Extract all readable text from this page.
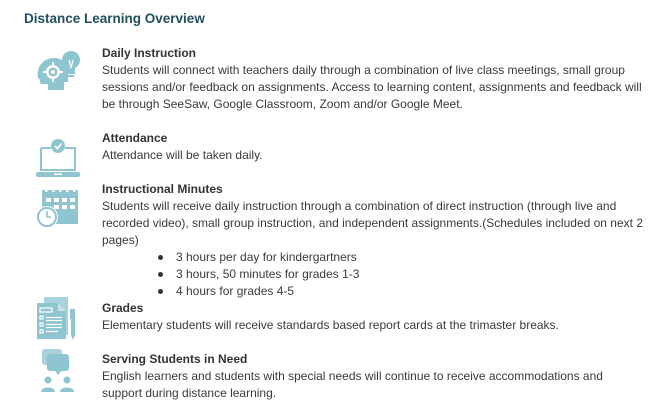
Distance Learning Overview
Daily Instruction
Students will connect with teachers daily through a combination of live class meetings, small group
sessions and/or feedback on assignments. Access to learning content, assignments and feedback will
be through SeeSaw, Google Classroom, Zoom and/or Google Meet.
Attendance
Attendance will be taken daily.
Instructional Minutes
Students will receive daily instruction through a combination of direct instruction (through live and
recorded video), small group instruction, and independent assignments.(Schedules included on next 2
pages)
3 hours per day for kindergartners
3 hours, 50 minutes for grades 1-3
4 hours for grades 4-5
Grades
Elementary students will receive standards based report cards at the trimaster breaks.
Serving Students in Need
English learners and students with special needs will continue to receive accommodations and
support during distance learning.
